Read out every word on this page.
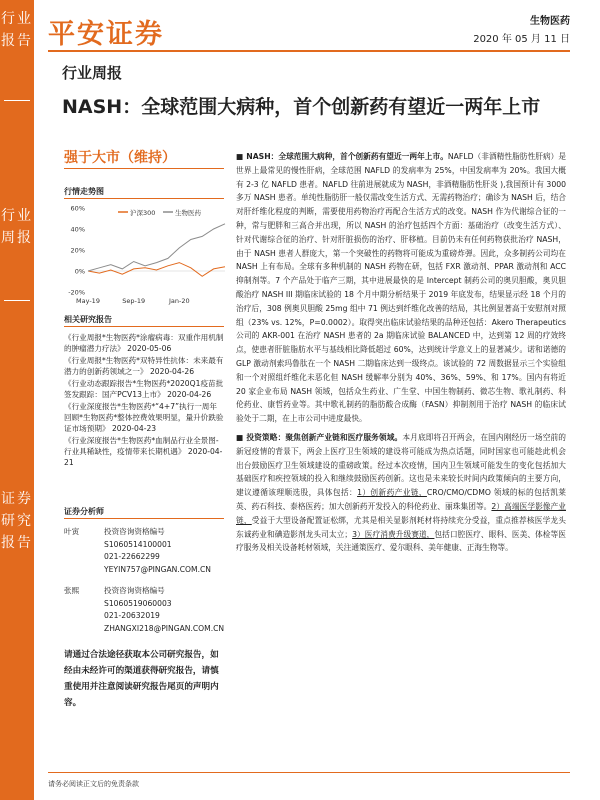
行业报告
行业周报
证券研究报告
平安证券	生物医药
2020 年 05 月 11 日
行业周报
NASH：全球范围大病种，首个创新药有望近一两年上市
强于大市（维持）
行情走势图
60%
40%
20%
0%
-20%
May-19	Sep-19	Jan-20
沪深300	生物医药
相关研究报告
《行业周报*生物医药*涂瘤病毒：双重作用机制的肿瘤潜力疗法》 2020-05-06
《行业周报*生物医药*双特异性抗体：未来最有潜力的创新药领域之一》 2020-04-26
《行业动态跟踪报告*生物医药*2020Q1疫苗批签发跟踪：国产PCV13上市》 2020-04-26
《行业深度报告*生物医药*“4+7”执行一周年回顾*生物医药*整体控费效果明显，量升价跌验证市场预期》 2020-04-23
《行业深度报告*生物医药*血制品行业全景图-行业具稀缺性，疫情带来长期机遇》 2020-04-21
证券分析师
叶寅	投资咨询资格编号
S1060514100001
021-22662299
YEYIN757@PINGAN.COM.CN
张熙	投资咨询资格编号
S1060519060003
021-20632019
ZHANGXI218@PINGAN.COM.CN
请通过合法途径获取本公司研究报告，如经由未经许可的渠道获得研究报告，请慎重使用并注意阅读研究报告尾页的声明内容。

■ NASH：全球范围大病种，首个创新药有望近一两年上市。NAFLD（非酒精性脂肪性肝病）是世界上最常见的慢性肝病，全球范围 NAFLD 的发病率为 25%，中国发病率为 20%。我国大概有 2-3 亿 NAFLD 患者。NAFLD 往前进展就成为 NASH，非酒精脂肪性肝炎 ),我国预计有 3000 多万 NASH 患者。单纯性脂肪肝一般仅需改变生活方式、无需药物治疗；确诊为 NASH 后，结合对肝纤维化程度的判断，需要使用药物治疗再配合生活方式的改变。NASH 作为代谢综合征的一种，常与肥胖和三高合并出现，所以 NASH 的治疗包括四个方面：基础治疗（改变生活方式）、针对代谢综合征的治疗、针对肝脏损伤的治疗、肝移植。目前仍未有任何药物获批治疗 NASH，由于 NASH 患者人群庞大，第一个突破性的药物将可能成为重磅炸弹。因此，众多制药公司均在 NASH 上有布局。全球有多种机制的 NASH 药物在研，包括 FXR 激动剂、PPAR 激动剂和 ACC 抑制剂等。7 个产品处于临产三期，其中进展最快的是 Intercept 制药公司的奥贝胆酸，奥贝胆酸治疗 NASH III 期临床试验的 18 个月中期分析结果于 2019 年底发布，结果显示经 18 个月的治疗后，308 例奥贝胆酸 25mg 组中 71 例达到纤维化改善的结局，其比例显著高于安慰剂对照组（23% vs. 12%，P=0.0002）。取得突出临床试验结果的品种还包括：Akero Therapeutics 公司的 AKR-001 在治疗 NASH 患者的 2a 期临床试验 BALANCED 中，达到第 12 周的疗效终点，使患者肝脏脂肪水平与基线相比降低超过 60%，达到统计学意义上的显著减少。诺和诺德的 GLP 激动剂索玛鲁肽在一个 NASH 二期临床达到一级终点。该试验的 72 周数据显示三个实验组和一个对照组纤维化未恶化但 NASH 缓解率分别为 40%、36%、59%、和 17%。国内有将近 20 家企业布局 NASH 领域，包括众生药业、广生堂、中国生物制药、微芯生物、歌礼制药、科伦药业、康哲药业等。其中歌礼制药的脂肪酸合成酶（FASN）抑制剂用于治疗 NASH 的临床试验处于二期，在上市公司中进度最快。

■ 投资策略：聚焦创新产业链和医疗服务领域。本月底即将召开两会，在国内刚经历一场空前的新冠疫情的背景下，两会上医疗卫生领域的建设将可能成为热点话题，同时国家也可能趁此机会出台鼓励医疗卫生领域建设的重磅政策。经过本次疫情，国内卫生领域可能发生的变化包括加大基础医疗和疾控领域的投入和继续鼓励医药创新。这也是未来较长时间内政策倾向的主要方向，建议遵循该理顺选股，具体包括：1）创新药产业链，CRO/CMO/CDMO 领域的标的包括凯莱英、药石科技、泰格医药；加大创新药开发投入的科伦药业、丽珠集团等。2）高端医学影像产业链，受益于大型设备配置证松绑，尤其是相关显影剂耗材将持续充分受益，重点推荐核医学龙头东诚药业和碘造影剂龙头司太立；3）医疗消费升级赛道，包括口腔医疗、眼科、医美、体检等医疗服务及相关设备耗材领域，关注通策医疗、爱尔眼科、美年健康、正海生物等。

请务必阅读正文后的免责条款
